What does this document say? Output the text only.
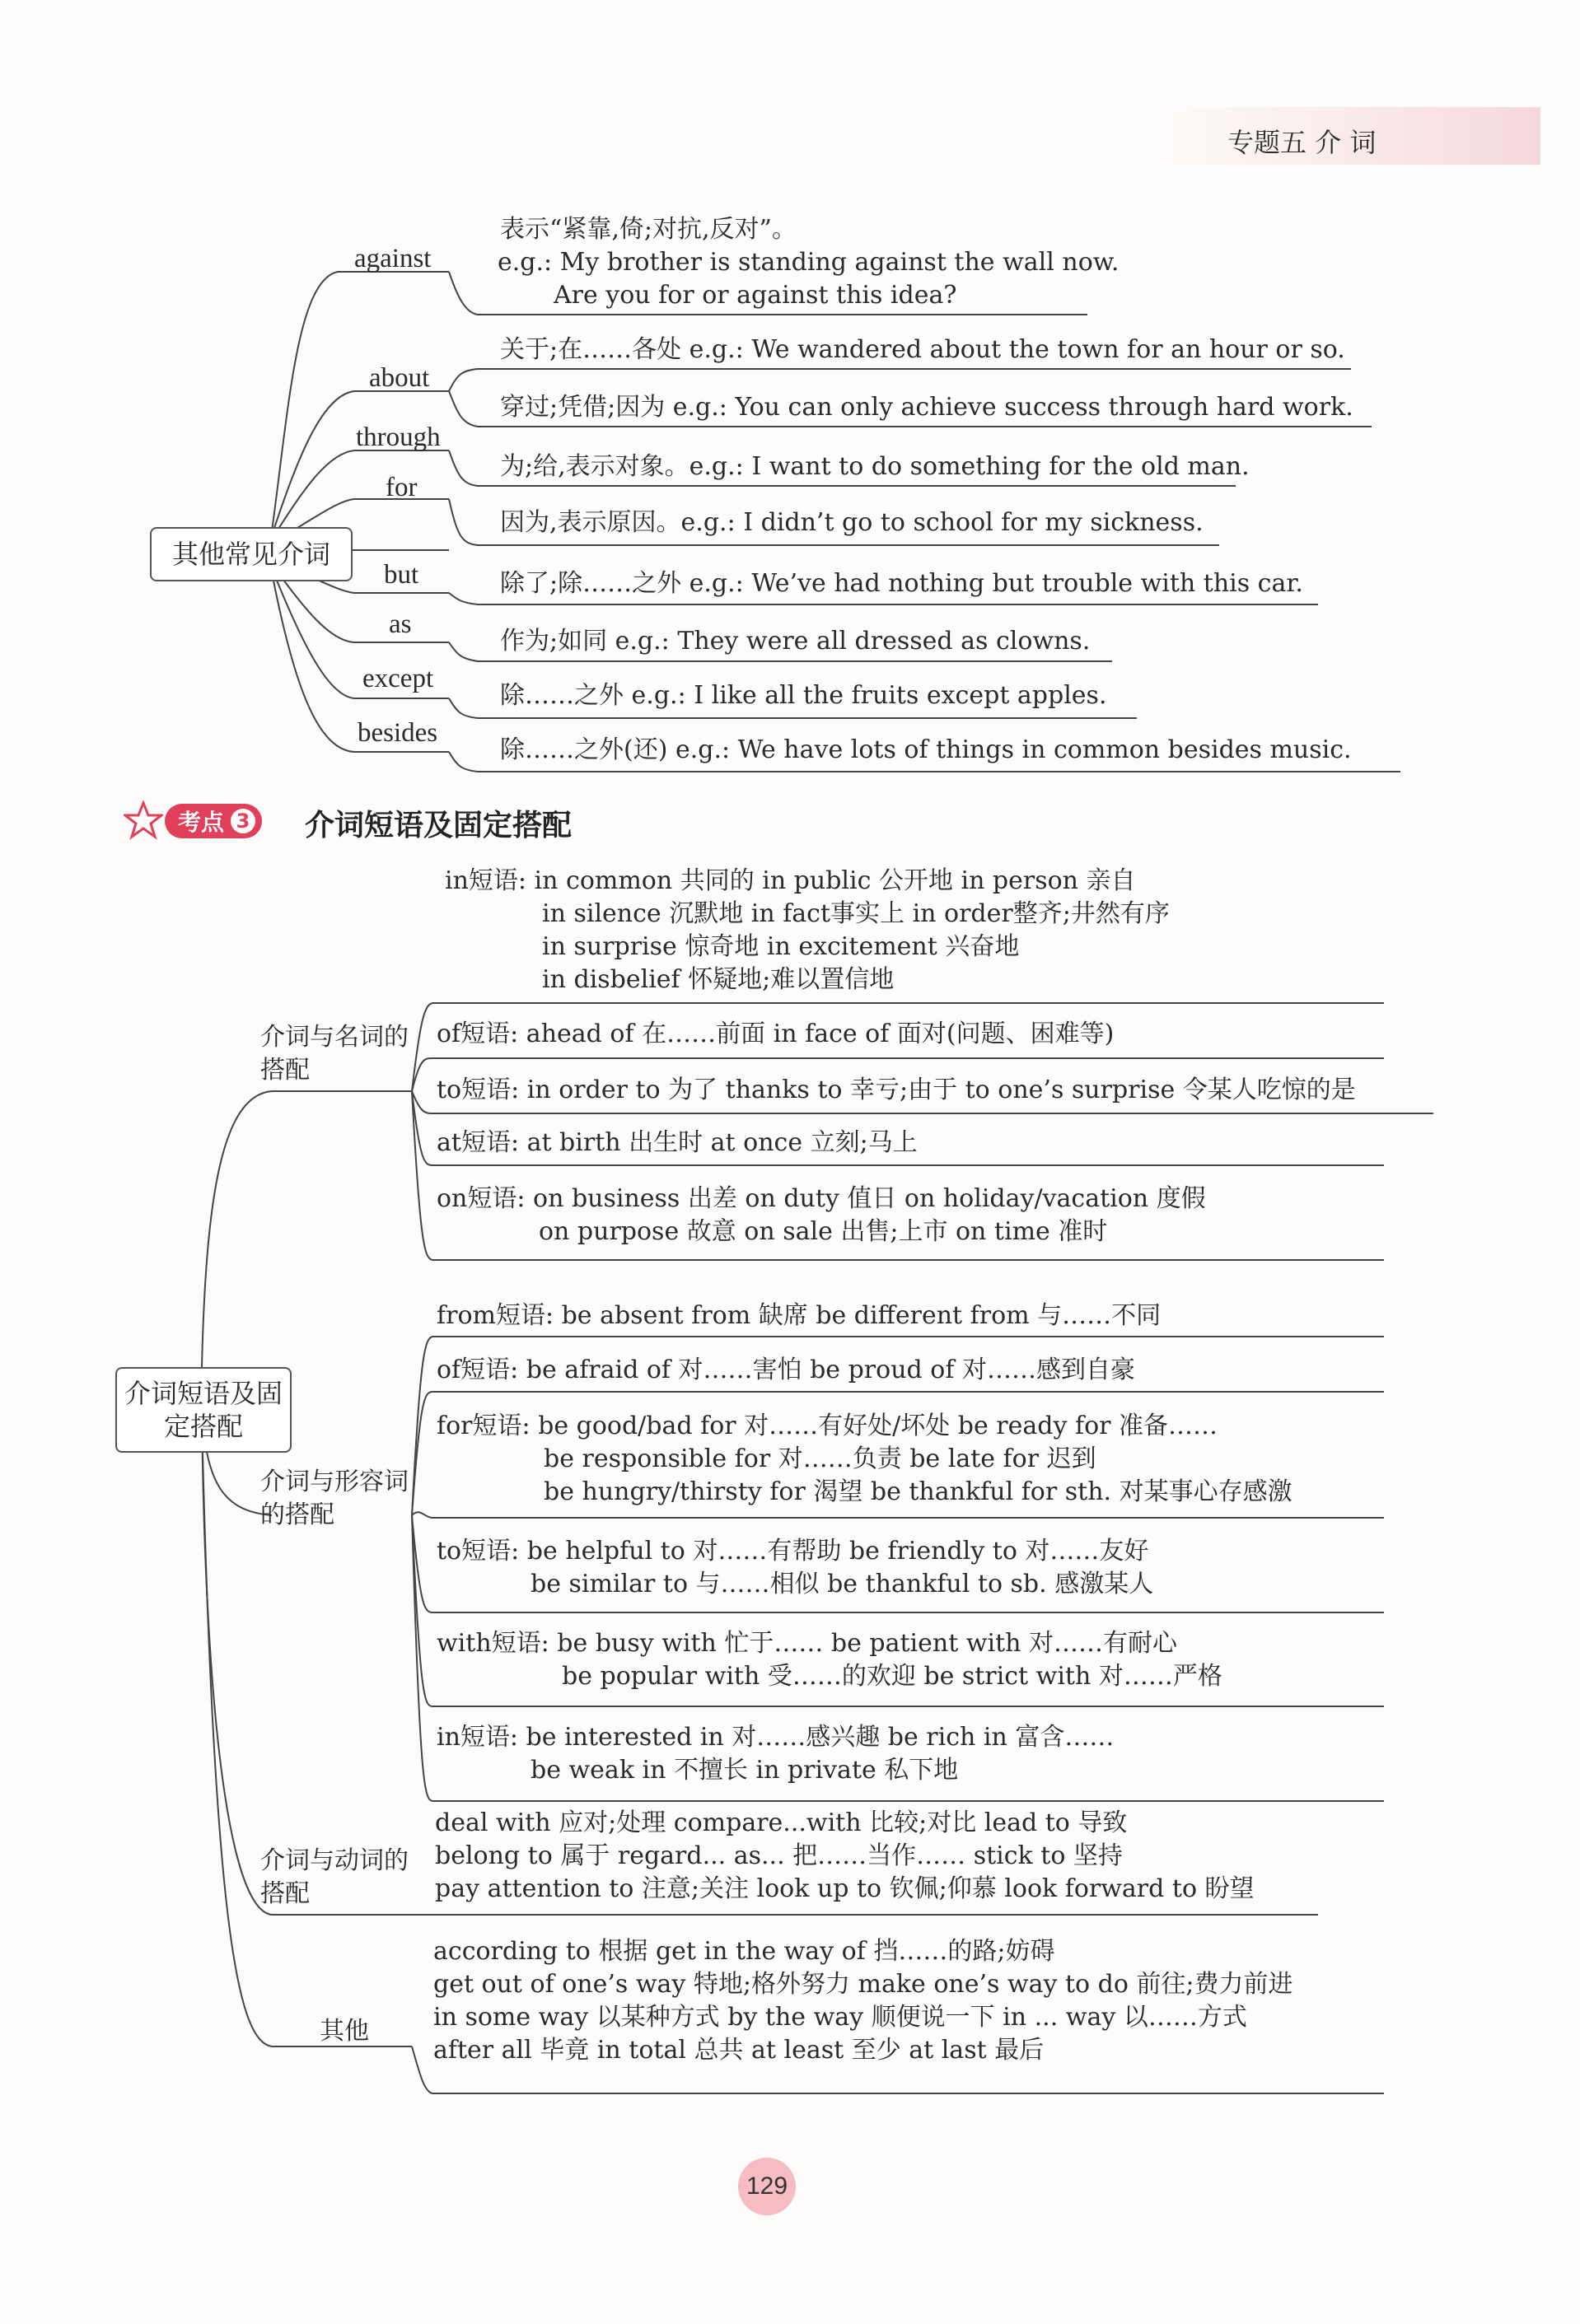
专题五 介 词
其他常见介词
against
about
through
for
but
as
except
besides
表示“紧靠,倚;对抗,反对”。
e.g.: My brother is standing against the wall now.
Are you for or against this idea?
关于;在……各处 e.g.: We wandered about the town for an hour or so.
穿过;凭借;因为 e.g.: You can only achieve success through hard work.
为;给,表示对象。e.g.: I want to do something for the old man.
因为,表示原因。e.g.: I didn’t go to school for my sickness.
除了;除……之外 e.g.: We’ve had nothing but trouble with this car.
作为;如同 e.g.: They were all dressed as clowns.
除……之外 e.g.: I like all the fruits except apples.
除……之外(还) e.g.: We have lots of things in common besides music.
考点 3 介词短语及固定搭配
介词短语及固定搭配
介词与名词的搭配
介词与形容词的搭配
介词与动词的搭配
其他
in短语: in common 共同的 in public 公开地 in person 亲自
in silence 沉默地 in fact事实上 in order整齐;井然有序
in surprise 惊奇地 in excitement 兴奋地
in disbelief 怀疑地;难以置信地
of短语: ahead of 在……前面 in face of 面对(问题、困难等)
to短语: in order to 为了 thanks to 幸亏;由于 to one’s surprise 令某人吃惊的是
at短语: at birth 出生时 at once 立刻;马上
on短语: on business 出差 on duty 值日 on holiday/vacation 度假
on purpose 故意 on sale 出售;上市 on time 准时
from短语: be absent from 缺席 be different from 与……不同
of短语: be afraid of 对……害怕 be proud of 对……感到自豪
for短语: be good/bad for 对……有好处/坏处 be ready for 准备……
be responsible for 对……负责 be late for 迟到
be hungry/thirsty for 渴望 be thankful for sth. 对某事心存感激
to短语: be helpful to 对……有帮助 be friendly to 对……友好
be similar to 与……相似 be thankful to sb. 感激某人
with短语: be busy with 忙于…… be patient with 对……有耐心
be popular with 受……的欢迎 be strict with 对……严格
in短语: be interested in 对……感兴趣 be rich in 富含……
be weak in 不擅长 in private 私下地
deal with 应对;处理 compare...with 比较;对比 lead to 导致
belong to 属于 regard... as... 把……当作…… stick to 坚持
pay attention to 注意;关注 look up to 钦佩;仰慕 look forward to 盼望
according to 根据 get in the way of 挡……的路;妨碍
get out of one’s way 特地;格外努力 make one’s way to do 前往;费力前进
in some way 以某种方式 by the way 顺便说一下 in ... way 以……方式
after all 毕竟 in total 总共 at least 至少 at last 最后
129
